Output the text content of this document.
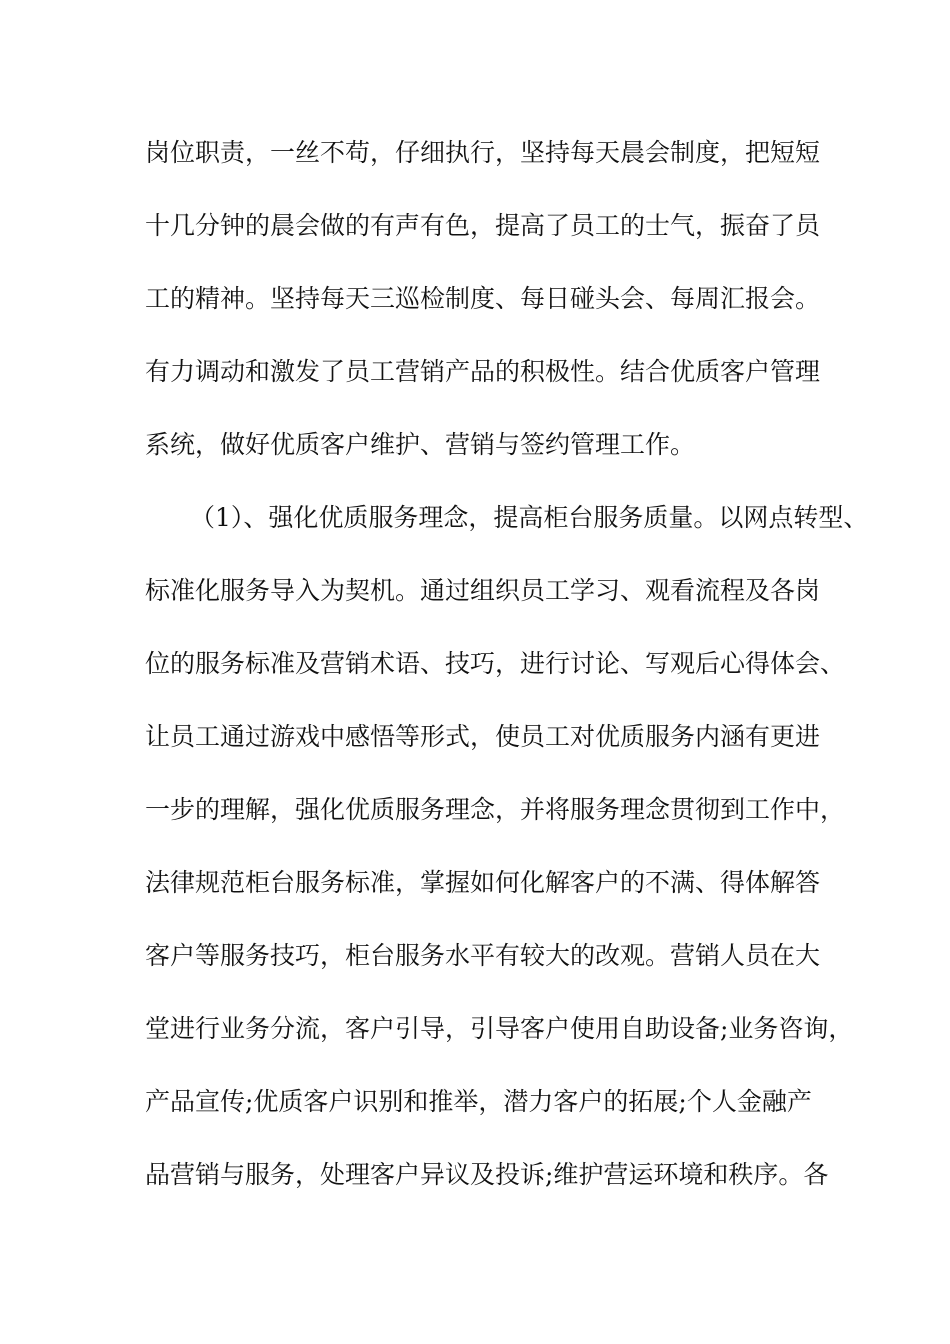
岗位职责，一丝不苟，仔细执行，坚持每天晨会制度，把短短

十几分钟的晨会做的有声有色，提高了员工的士气，振奋了员

工的精神。坚持每天三巡检制度、每日碰头会、每周汇报会。

有力调动和激发了员工营销产品的积极性。结合优质客户管理

系统，做好优质客户维护、营销与签约管理工作。

（1）、强化优质服务理念，提高柜台服务质量。以网点转型、

标准化服务导入为契机。通过组织员工学习、观看流程及各岗

位的服务标准及营销术语、技巧，进行讨论、写观后心得体会、

让员工通过游戏中感悟等形式，使员工对优质服务内涵有更进

一步的理解，强化优质服务理念，并将服务理念贯彻到工作中，

法律规范柜台服务标准，掌握如何化解客户的不满、得体解答

客户等服务技巧，柜台服务水平有较大的改观。营销人员在大

堂进行业务分流，客户引导，引导客户使用自助设备;业务咨询，

产品宣传;优质客户识别和推举，潜力客户的拓展;个人金融产

品营销与服务，处理客户异议及投诉;维护营运环境和秩序。各
